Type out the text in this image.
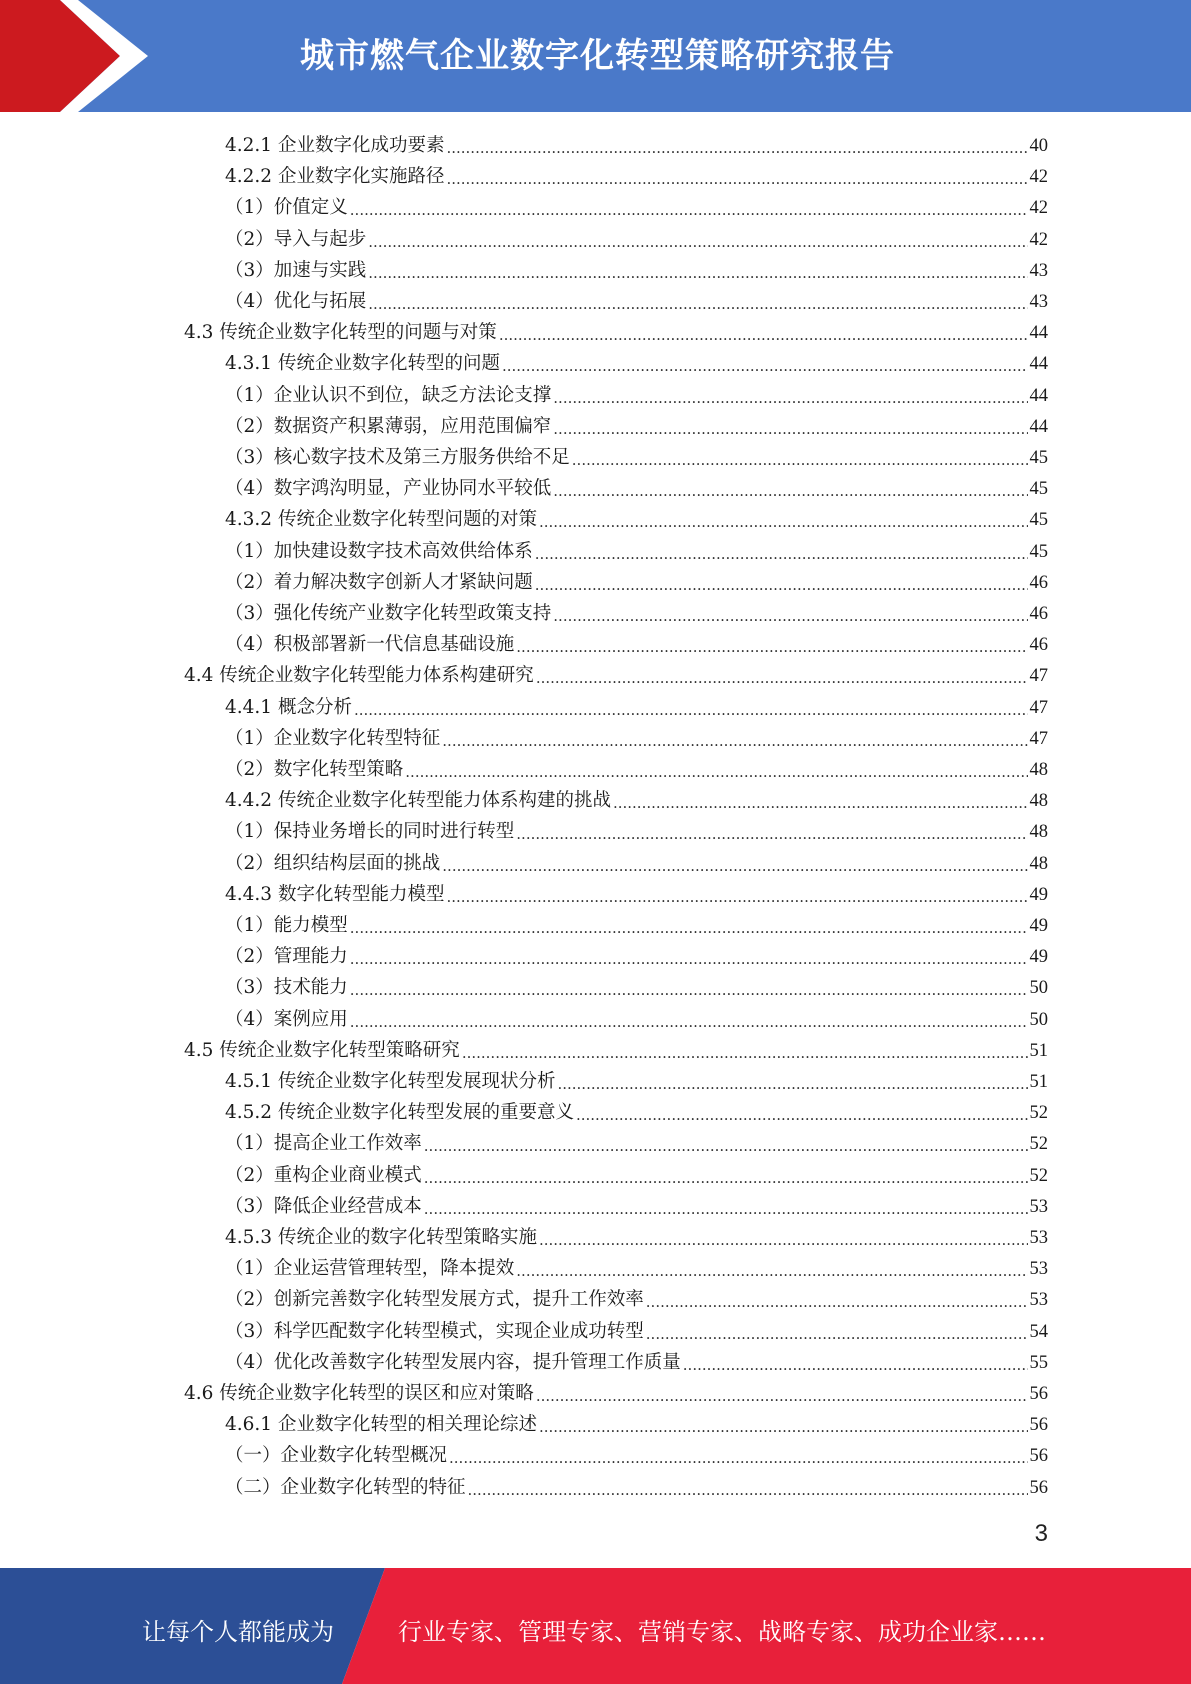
城市燃气企业数字化转型策略研究报告
4.2.1 企业数字化成功要素 .....	40
4.2.2 企业数字化实施路径 .....	42
（1）价值定义 .....	42
（2）导入与起步 .....	42
（3）加速与实践 .....	43
（4）优化与拓展 .....	43
4.3 传统企业数字化转型的问题与对策 .....	44
4.3.1 传统企业数字化转型的问题 .....	44
（1）企业认识不到位，缺乏方法论支撑 .....	44
（2）数据资产积累薄弱，应用范围偏窄 .....	44
（3）核心数字技术及第三方服务供给不足 .....	45
（4）数字鸿沟明显，产业协同水平较低 .....	45
4.3.2 传统企业数字化转型问题的对策 .....	45
（1）加快建设数字技术高效供给体系 .....	45
（2）着力解决数字创新人才紧缺问题 .....	46
（3）强化传统产业数字化转型政策支持 .....	46
（4）积极部署新一代信息基础设施 .....	46
4.4 传统企业数字化转型能力体系构建研究 .....	47
4.4.1 概念分析 .....	47
（1）企业数字化转型特征 .....	47
（2）数字化转型策略 .....	48
4.4.2 传统企业数字化转型能力体系构建的挑战 .....	48
（1）保持业务增长的同时进行转型 .....	48
（2）组织结构层面的挑战 .....	48
4.4.3 数字化转型能力模型 .....	49
（1）能力模型 .....	49
（2）管理能力 .....	49
（3）技术能力 .....	50
（4）案例应用 .....	50
4.5 传统企业数字化转型策略研究 .....	51
4.5.1 传统企业数字化转型发展现状分析 .....	51
4.5.2 传统企业数字化转型发展的重要意义 .....	52
（1）提高企业工作效率 .....	52
（2）重构企业商业模式 .....	52
（3）降低企业经营成本 .....	53
4.5.3 传统企业的数字化转型策略实施 .....	53
（1）企业运营管理转型，降本提效 .....	53
（2）创新完善数字化转型发展方式，提升工作效率 .....	53
（3）科学匹配数字化转型模式，实现企业成功转型 .....	54
（4）优化改善数字化转型发展内容，提升管理工作质量 .....	55
4.6 传统企业数字化转型的误区和应对策略 .....	56
4.6.1 企业数字化转型的相关理论综述 .....	56
（一）企业数字化转型概况 .....	56
（二）企业数字化转型的特征 .....	56
3
让每个人都能成为	行业专家、管理专家、营销专家、战略专家、成功企业家……
